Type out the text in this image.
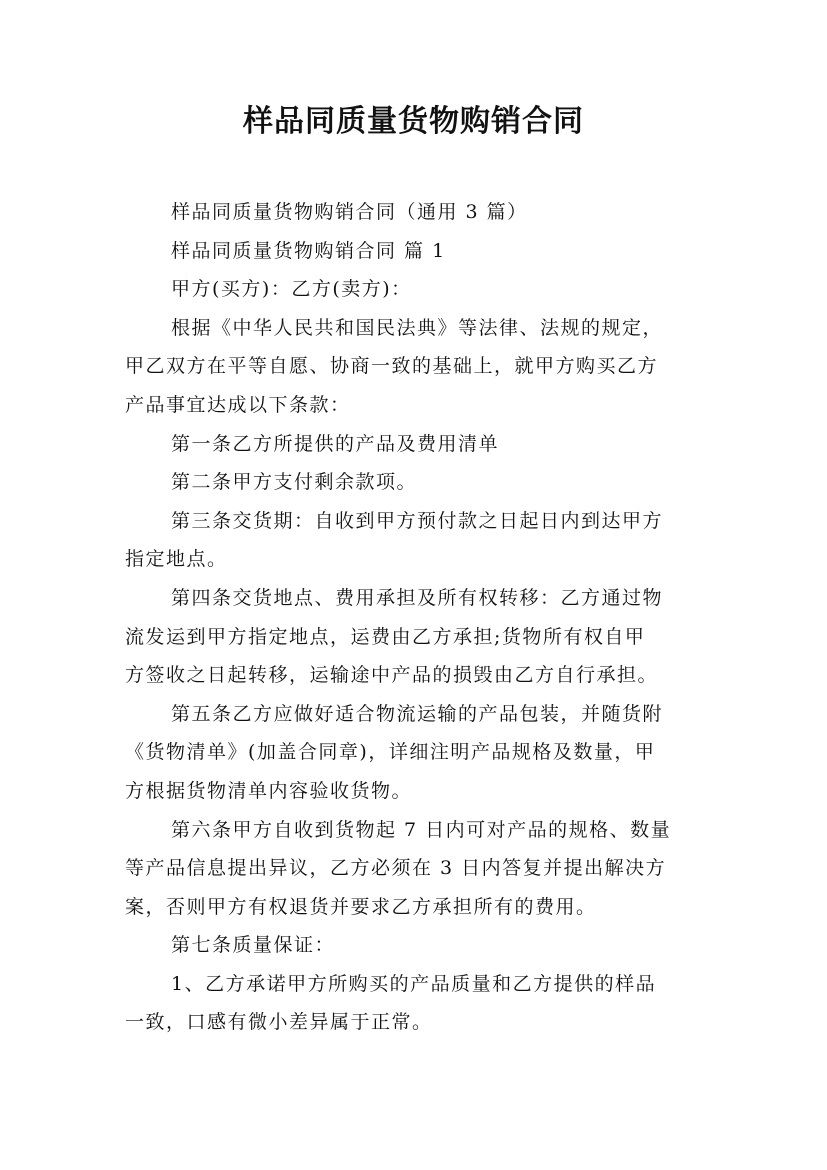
样品同质量货物购销合同
样品同质量货物购销合同（通用 3 篇）
样品同质量货物购销合同 篇 1
甲方(买方)：乙方(卖方)：
根据《中华人民共和国民法典》等法律、法规的规定，
甲乙双方在平等自愿、协商一致的基础上，就甲方购买乙方
产品事宜达成以下条款：
第一条乙方所提供的产品及费用清单
第二条甲方支付剩余款项。
第三条交货期：自收到甲方预付款之日起日内到达甲方
指定地点。
第四条交货地点、费用承担及所有权转移：乙方通过物
流发运到甲方指定地点，运费由乙方承担;货物所有权自甲
方签收之日起转移，运输途中产品的损毁由乙方自行承担。
第五条乙方应做好适合物流运输的产品包装，并随货附
《货物清单》(加盖合同章)，详细注明产品规格及数量，甲
方根据货物清单内容验收货物。
第六条甲方自收到货物起 7 日内可对产品的规格、数量
等产品信息提出异议，乙方必须在 3 日内答复并提出解决方
案，否则甲方有权退货并要求乙方承担所有的费用。
第七条质量保证：
1、乙方承诺甲方所购买的产品质量和乙方提供的样品
一致，口感有微小差异属于正常。
